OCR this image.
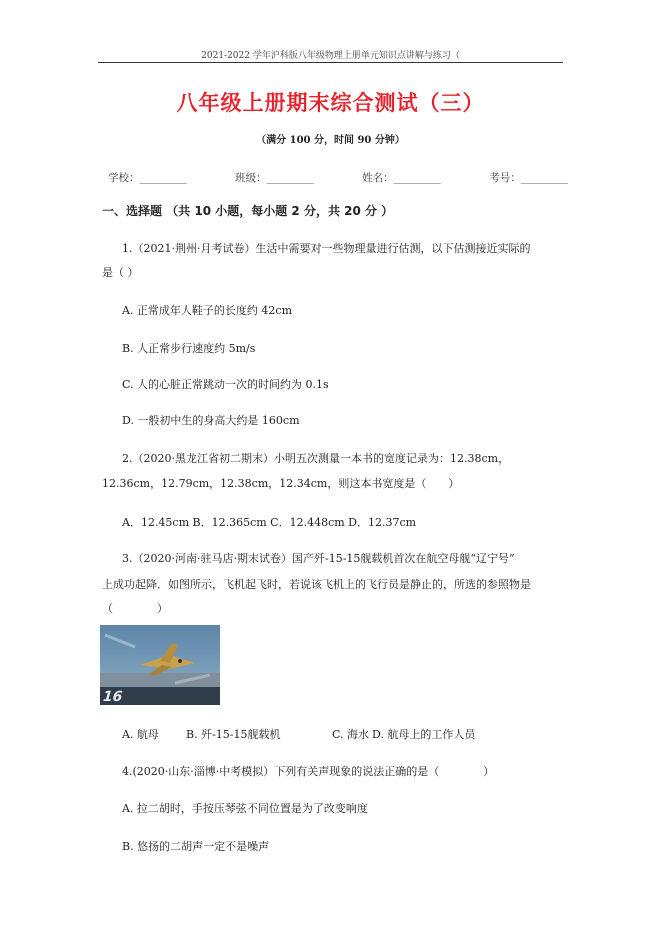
2021-2022 学年沪科版八年级物理上册单元知识点讲解与练习（
八年级上册期末综合测试（三）
（满分 100 分，时间 90 分钟）
学校：_________	班级：_________	姓名：_________	考号：_________
一、选择题 （共 10 小题，每小题 2 分，共 20 分 ）
1.（2021·荆州·月考试卷）生活中需要对一些物理量进行估测，以下估测接近实际的
是（ ）
A. 正常成年人鞋子的长度约 42cm
B. 人正常步行速度约 5m/s
C. 人的心脏正常跳动一次的时间约为 0.1s
D. 一般初中生的身高大约是 160cm
2.（2020·黑龙江省初二期末）小明五次测量一本书的宽度记录为：12.38cm，
12.36cm，12.79cm，12.38cm，12.34cm，则这本书宽度是（　　）
A．12.45cm B．12.365cm C．12.448cm D．12.37cm
3.（2020·河南·驻马店·期末试卷）国产歼-15-15舰载机首次在航空母舰“辽宁号”
上成功起降．如图所示，飞机起飞时，若说该飞机上的飞行员是静止的，所选的参照物是
（　　　　）
16
A. 航母	B. 歼-15-15舰载机	C. 海水 D. 航母上的工作人员
4.(2020·山东·淄博·中考模拟）下列有关声现象的说法正确的是（　　　　）
A. 拉二胡时，手按压琴弦不同位置是为了改变响度
B. 悠扬的二胡声一定不是噪声
